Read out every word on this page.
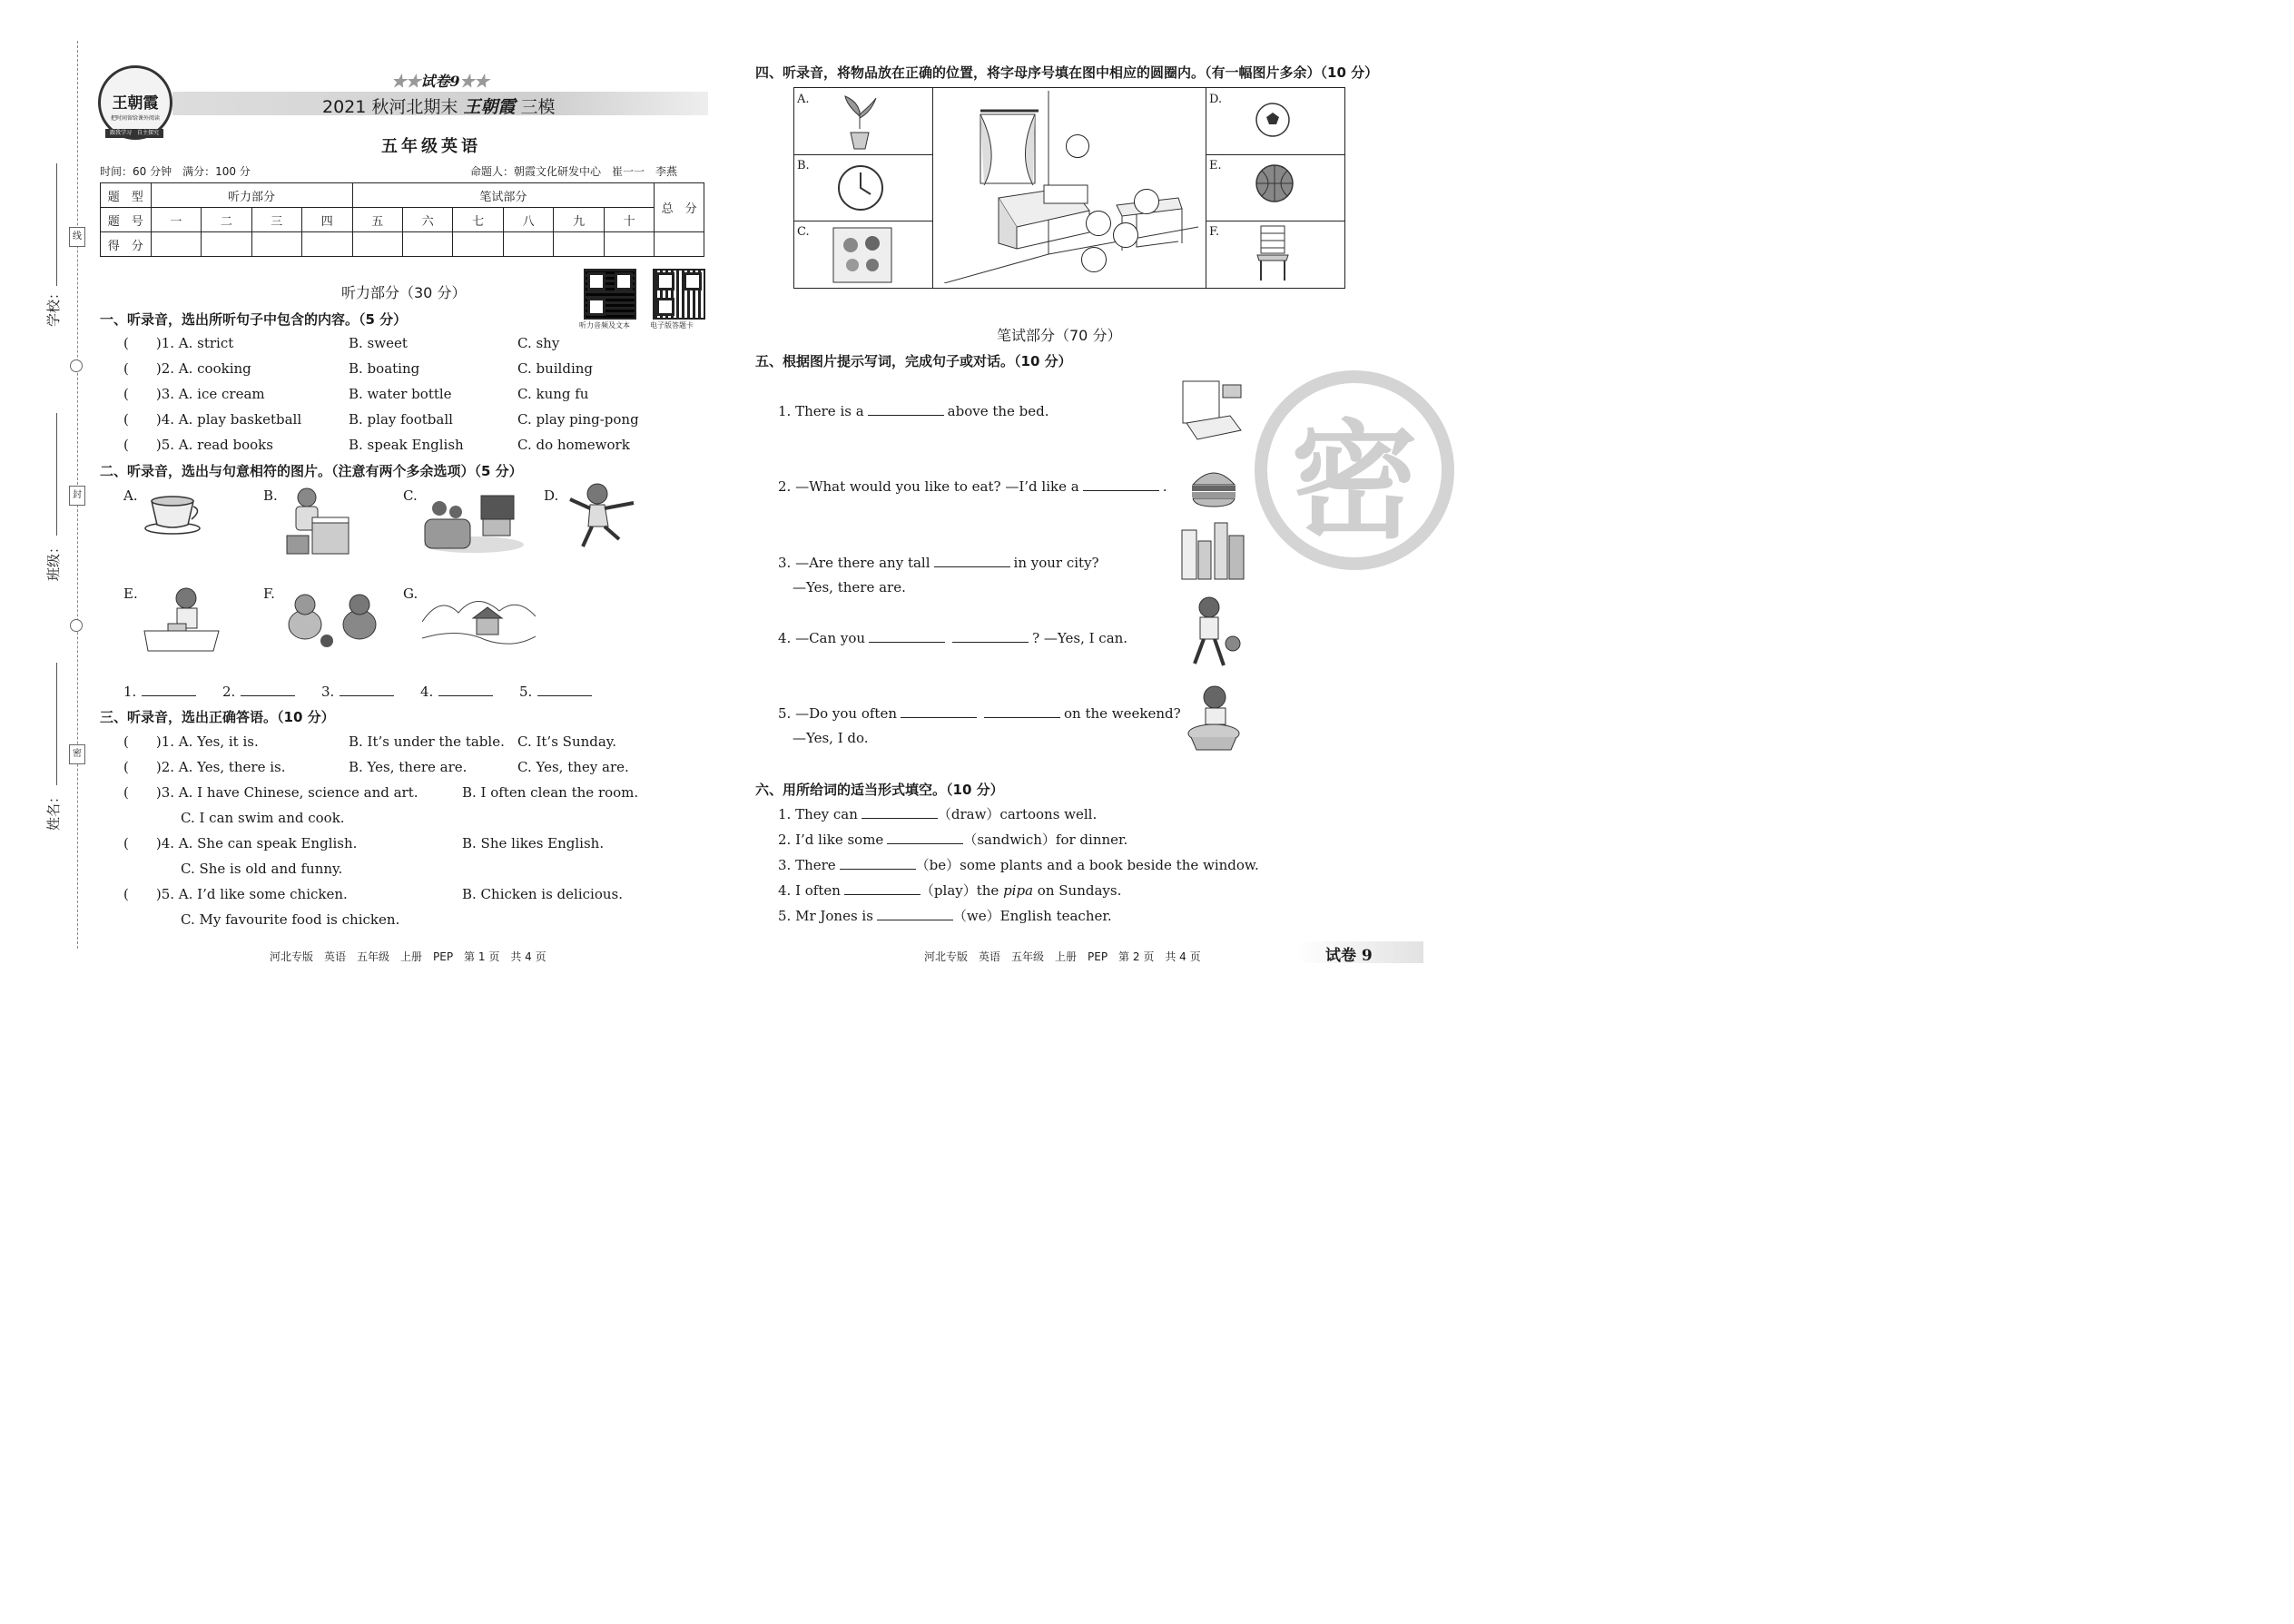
线
封
密
学校：
班级：
姓名：
王朝霞
把时间留给课外阅读
跟我学习　自主探究
★★试卷9★★
2021 秋河北期末 王朝霞 三模
五年级英语
时间：60 分钟　满分：100 分	命题人：朝霞文化研发中心　崔一一　李燕
题　型	听力部分				笔试部分						总　分
题　号	一	二	三	四	五	六	七	八	九	十	
得　分											
听力音频及文本	电子版答题卡
听力部分（30 分）
一、听录音，选出所听句子中包含的内容。（5 分）
(　　)1. A. strict	B. sweet	C. shy
(　　)2. A. cooking	B. boating	C. building
(　　)3. A. ice cream	B. water bottle	C. kung fu
(　　)4. A. play basketball	B. play football	C. play ping-pong
(　　)5. A. read books	B. speak English	C. do homework
二、听录音，选出与句意相符的图片。（注意有两个多余选项）（5 分）
A.	B.	C.	D.
E.	F.	G.
1.	2.	3.	4.	5.
三、听录音，选出正确答语。（10 分）
(　　)1. A. Yes, it is.	B. It’s under the table. C. It’s Sunday.
(　　)2. A. Yes, there is.	B. Yes, there are.	C. Yes, they are.
(　　)3. A. I have Chinese, science and art.	B. I often clean the room.
C. I can swim and cook.
(　　)4. A. She can speak English.	B. She likes English.
C. She is old and funny.
(　　)5. A. I’d like some chicken.	B. Chicken is delicious.
C. My favourite food is chicken.
河北专版　英语　五年级　上册　PEP　第 1 页　共 4 页
四、听录音，将物品放在正确的位置，将字母序号填在图中相应的圆圈内。（有一幅图片多余）（10 分）
A.
B.
C.
D.
E.
F.
笔试部分（70 分）
五、根据图片提示写词，完成句子或对话。（10 分）
1. There is a	above the bed.
2. —What would you like to eat? —I’d like a	.
3. —Are there any tall	in your city?
—Yes, there are.
4. —Can you	? —Yes, I can.
5. —Do you often	on the weekend?
—Yes, I do.
六、用所给词的适当形式填空。（10 分）
1. They can	（draw）cartoons well.
2. I’d like some	（sandwich）for dinner.
3. There	（be）some plants and a book beside the window.
4. I often	（play）the pipa on Sundays.
5. Mr Jones is	（we）English teacher.
密
河北专版　英语　五年级　上册　PEP　第 2 页　共 4 页	试卷 9
